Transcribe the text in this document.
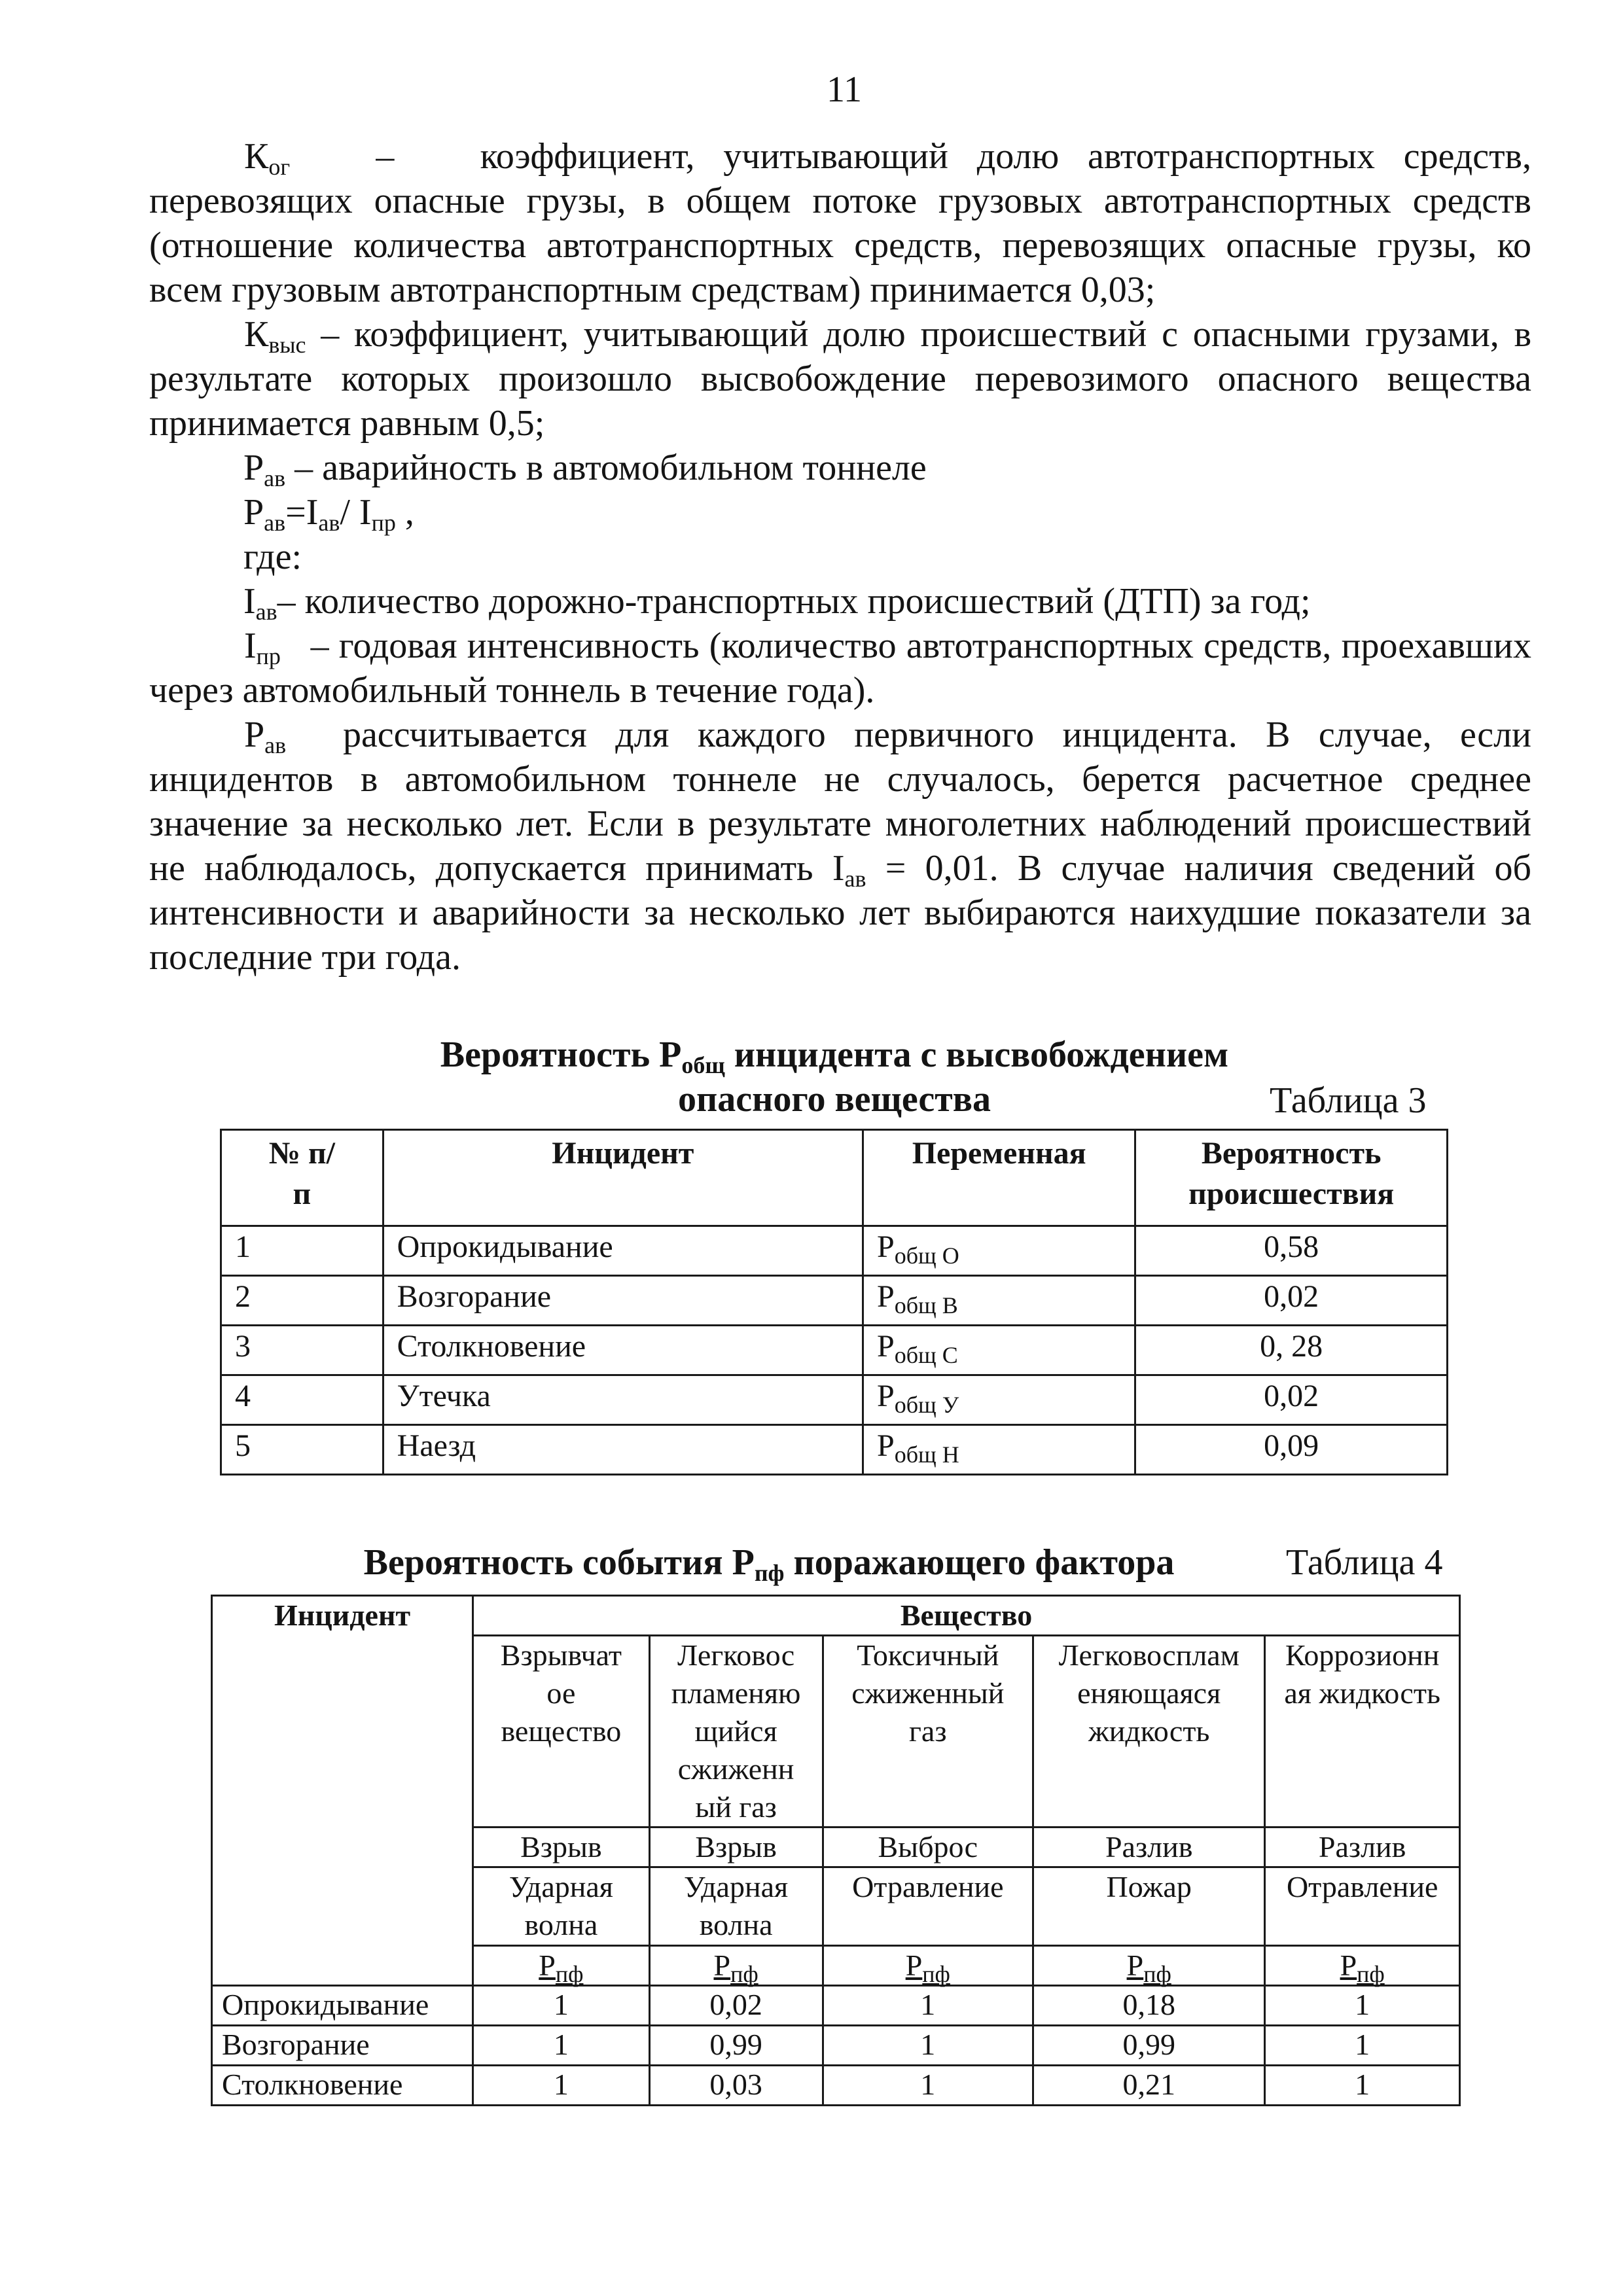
11

$К_{ог}$ – коэффициент, учитывающий долю автотранспортных средств, перевозящих опасные грузы, в общем потоке грузовых автотранспортных средств (отношение количества автотранспортных средств, перевозящих опасные грузы, ко всем грузовым автотранспортным средствам) принимается 0,03;

$К_{выс}$ – коэффициент, учитывающий долю происшествий с опасными грузами, в результате которых произошло высвобождение перевозимого опасного вещества принимается равным 0,5;

$Р_{ав}$ – аварийность в автомобильном тоннеле
$Р_{ав}=I_{ав}/$ $I_{пр}$ ,
где:
$I_{ав}-$ количество дорожно-транспортных происшествий (ДТП) за год;

$I_{пр}$ – годовая интенсивность (количество автотранспортных средств, проехавших через автомобильный тоннель в течение года).

$Р_{ав}$ рассчитывается для каждого первичного инцидента. В случае, если инцидентов в автомобильном тоннеле не случалось, берется расчетное среднее значение за несколько лет. Если в результате многолетних наблюдений происшествий не наблюдалось, допускается принимать $I_{ав} = 0,01$. В случае наличия сведений об интенсивности и аварийности за несколько лет выбираются наихудшие показатели за последние три года.

Вероятность $Р_{общ}$ инцидента с высвобождением
опасного вещества	Таблица 3
№ п/п	Инцидент	Переменная	Вероятность происшествия
1	Опрокидывание	$Р_{общ О}$	0,58
2	Возгорание	$Р_{общ В}$	0,02
3	Столкновение	$Р_{общ С}$	0, 28
4	Утечка	$Р_{общ У}$	0,02
5	Наезд	$Р_{общ Н}$	0,09
Вероятность события $Р_{пф}$ поражающего фактора	Таблица 4
Инцидент	Вещество				
	Взрывчат ое вещество	Легковос пламеняю щийся сжиженн ый газ	Токсичный сжиженный газ	Легковосплам еняющаяся жидкость	Коррозионн ая жидкость
	Взрыв	Взрыв	Выброс	Разлив	Разлив
	Ударная волна	Ударная волна	Отравление	Пожар	Отравление
	$Р_{пф}$	$Р_{пф}$	$Р_{пф}$	$Р_{пф}$	$Р_{пф}$
Опрокидывание	1	0,02	1	0,18	1
Возгорание	1	0,99	1	0,99	1
Столкновение	1	0,03	1	0,21	1
